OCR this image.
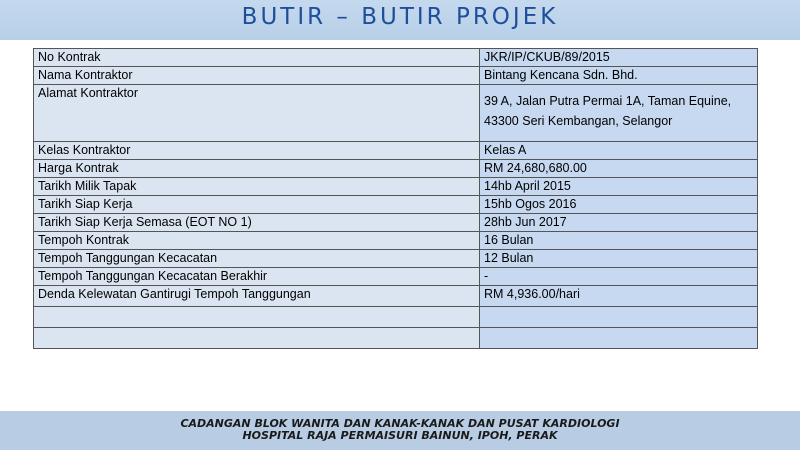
BUTIR – BUTIR PROJEK
No Kontrak	JKR/IP/CKUB/89/2015
Nama Kontraktor	Bintang Kencana Sdn. Bhd.
Alamat Kontraktor	39 A, Jalan Putra Permai 1A, Taman Equine,
43300 Seri Kembangan, Selangor

Kelas Kontraktor	Kelas A
Harga Kontrak	RM 24,680,680.00
Tarikh Milik Tapak	14hb April 2015
Tarikh Siap Kerja	15hb Ogos 2016
Tarikh Siap Kerja Semasa (EOT NO 1)	28hb Jun 2017
Tempoh Kontrak	16 Bulan
Tempoh Tanggungan Kecacatan	12 Bulan
Tempoh Tanggungan Kecacatan Berakhir	-
Denda Kelewatan Gantirugi Tempoh Tanggungan	RM 4,936.00/hari

CADANGAN BLOK WANITA DAN KANAK-KANAK DAN PUSAT KARDIOLOGI
HOSPITAL RAJA PERMAISURI BAINUN, IPOH, PERAK
